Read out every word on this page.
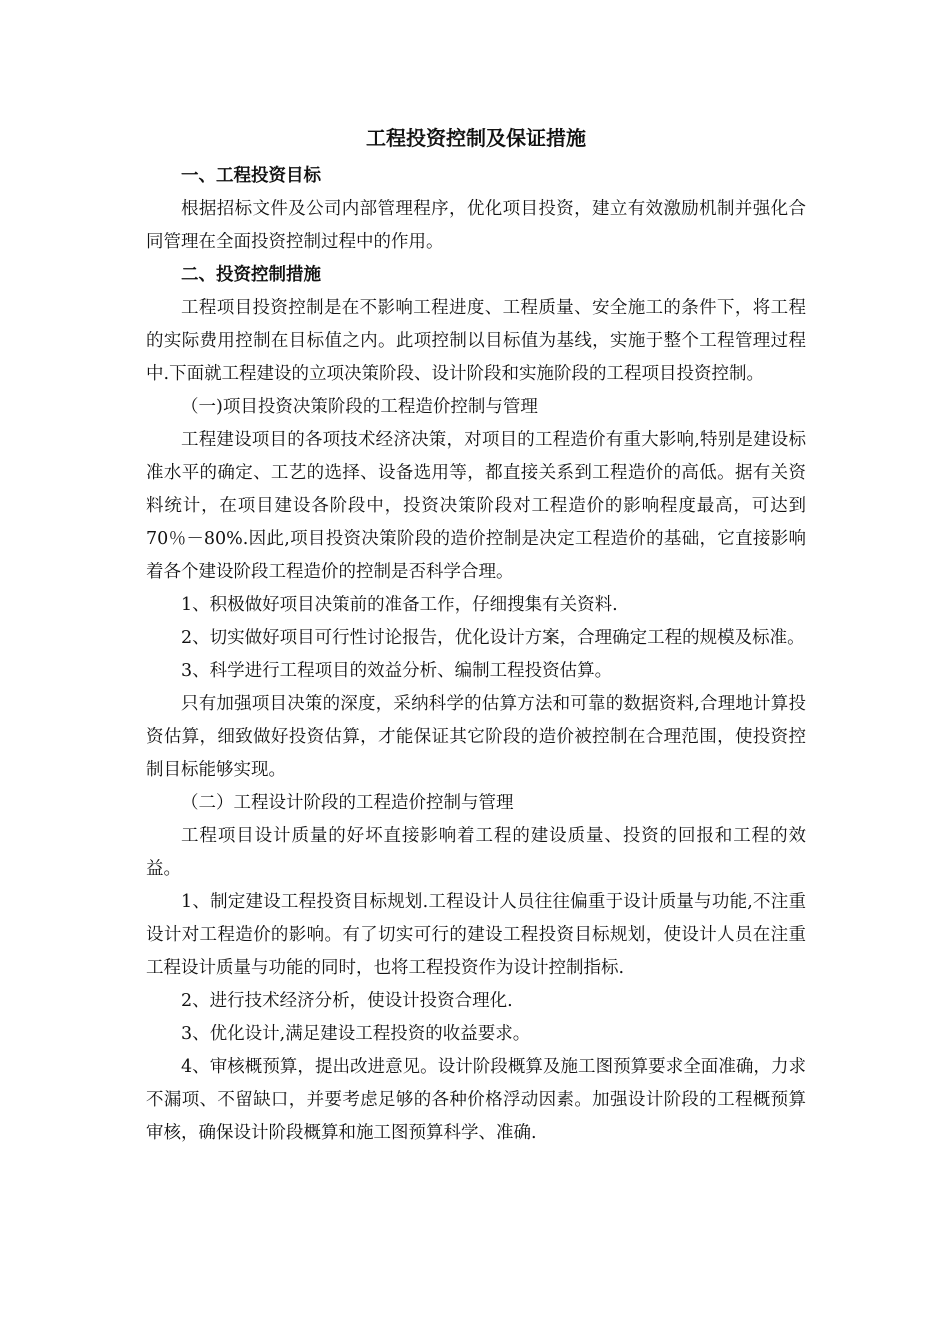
工程投资控制及保证措施

一、工程投资目标

根据招标文件及公司内部管理程序，优化项目投资，建立有效激励机制并强化合同管理在全面投资控制过程中的作用。

二、投资控制措施

工程项目投资控制是在不影响工程进度、工程质量、安全施工的条件下，将工程的实际费用控制在目标值之内。此项控制以目标值为基线，实施于整个工程管理过程中.下面就工程建设的立项决策阶段、设计阶段和实施阶段的工程项目投资控制。

（一)项目投资决策阶段的工程造价控制与管理

工程建设项目的各项技术经济决策，对项目的工程造价有重大影响,特别是建设标准水平的确定、工艺的选择、设备选用等，都直接关系到工程造价的高低。据有关资料统计，在项目建设各阶段中，投资决策阶段对工程造价的影响程度最高，可达到70％－80%.因此,项目投资决策阶段的造价控制是决定工程造价的基础，它直接影响着各个建设阶段工程造价的控制是否科学合理。

1、积极做好项目决策前的准备工作，仔细搜集有关资料.

2、切实做好项目可行性讨论报告，优化设计方案，合理确定工程的规模及标准。

3、科学进行工程项目的效益分析、编制工程投资估算。

只有加强项目决策的深度，采纳科学的估算方法和可靠的数据资料,合理地计算投资估算，细致做好投资估算，才能保证其它阶段的造价被控制在合理范围，使投资控制目标能够实现。

（二）工程设计阶段的工程造价控制与管理

工程项目设计质量的好坏直接影响着工程的建设质量、投资的回报和工程的效益。

1、制定建设工程投资目标规划.工程设计人员往往偏重于设计质量与功能,不注重设计对工程造价的影响。有了切实可行的建设工程投资目标规划，使设计人员在注重工程设计质量与功能的同时，也将工程投资作为设计控制指标.

2、进行技术经济分析，使设计投资合理化.

3、优化设计,满足建设工程投资的收益要求。

4、审核概预算，提出改进意见。设计阶段概算及施工图预算要求全面准确，力求不漏项、不留缺口，并要考虑足够的各种价格浮动因素。加强设计阶段的工程概预算审核，确保设计阶段概算和施工图预算科学、准确.
